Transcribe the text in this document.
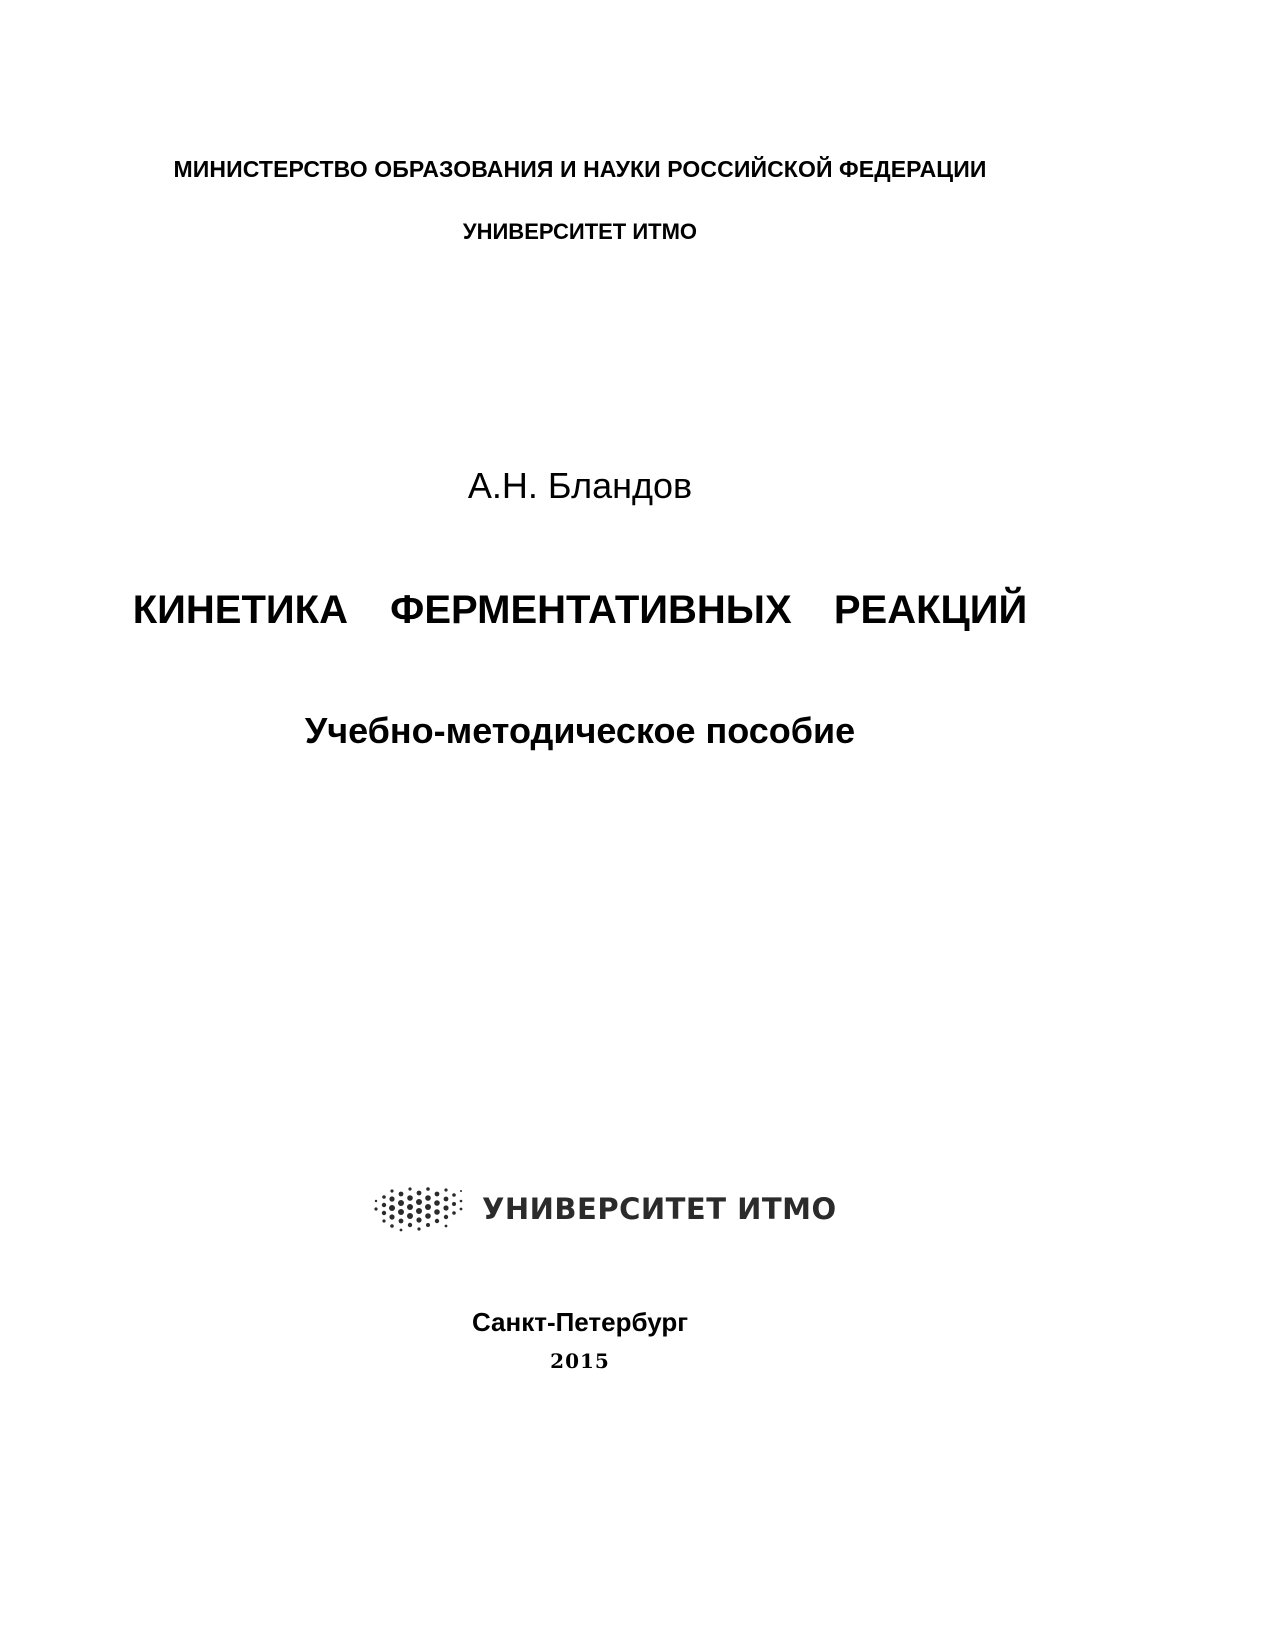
МИНИСТЕРСТВО ОБРАЗОВАНИЯ И НАУКИ РОССИЙСКОЙ ФЕДЕРАЦИИ
УНИВЕРСИТЕТ ИТМО
А.Н. Бландов
КИНЕТИКА  ФЕРМЕНТАТИВНЫХ  РЕАКЦИЙ
Учебно-методическое пособие
УНИВЕРСИТЕТ ИТМО
Санкт-Петербург
2015
